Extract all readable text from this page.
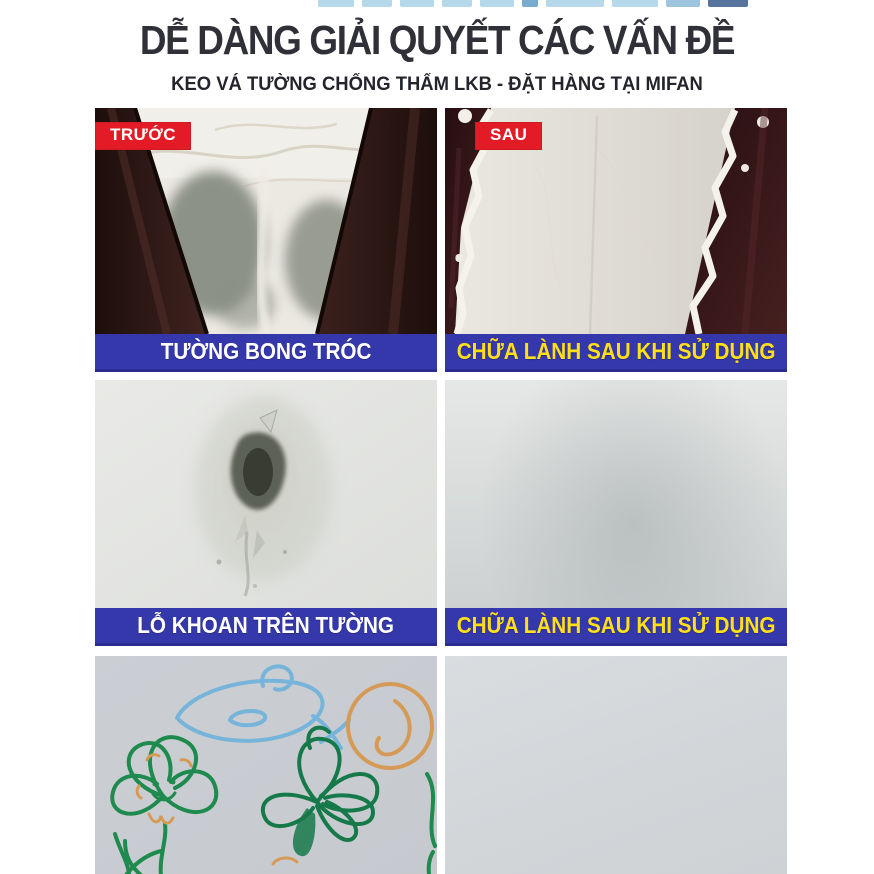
DỄ DÀNG GIẢI QUYẾT CÁC VẤN ĐỀ
KEO VÁ TƯỜNG CHỐNG THẤM LKB - ĐẶT HÀNG TẠI MIFAN
TRƯỚC
TƯỜNG BONG TRÓC
SAU
CHỮA LÀNH SAU KHI SỬ DỤNG
LỖ KHOAN TRÊN TƯỜNG	CHỮA LÀNH SAU KHI SỬ DỤNG
